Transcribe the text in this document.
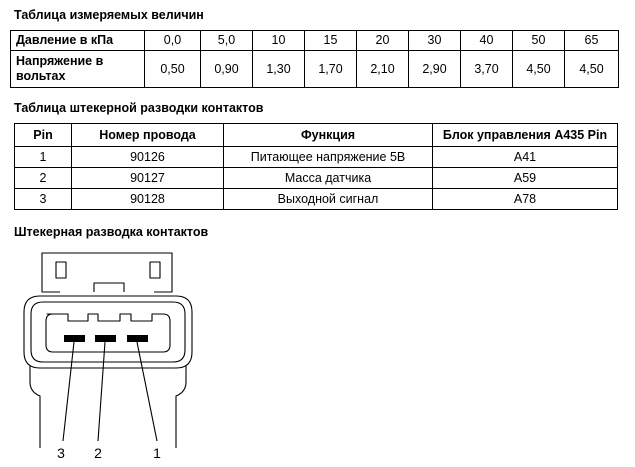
Таблица измеряемых величин
Давление в кПа	0,0	5,0	10	15	20	30	40	50	65
Напряжение в вольтах	0,50	0,90	1,30	1,70	2,10	2,90	3,70	4,50	4,50
Таблица штекерной разводки контактов
Pin	Номер провода	Функция	Блок управления A435 Pin
1	90126	Питающее напряжение 5В	A41
2	90127	Масса датчика	A59
3	90128	Выходной сигнал	A78
Штекерная разводка контактов
3 2	1
